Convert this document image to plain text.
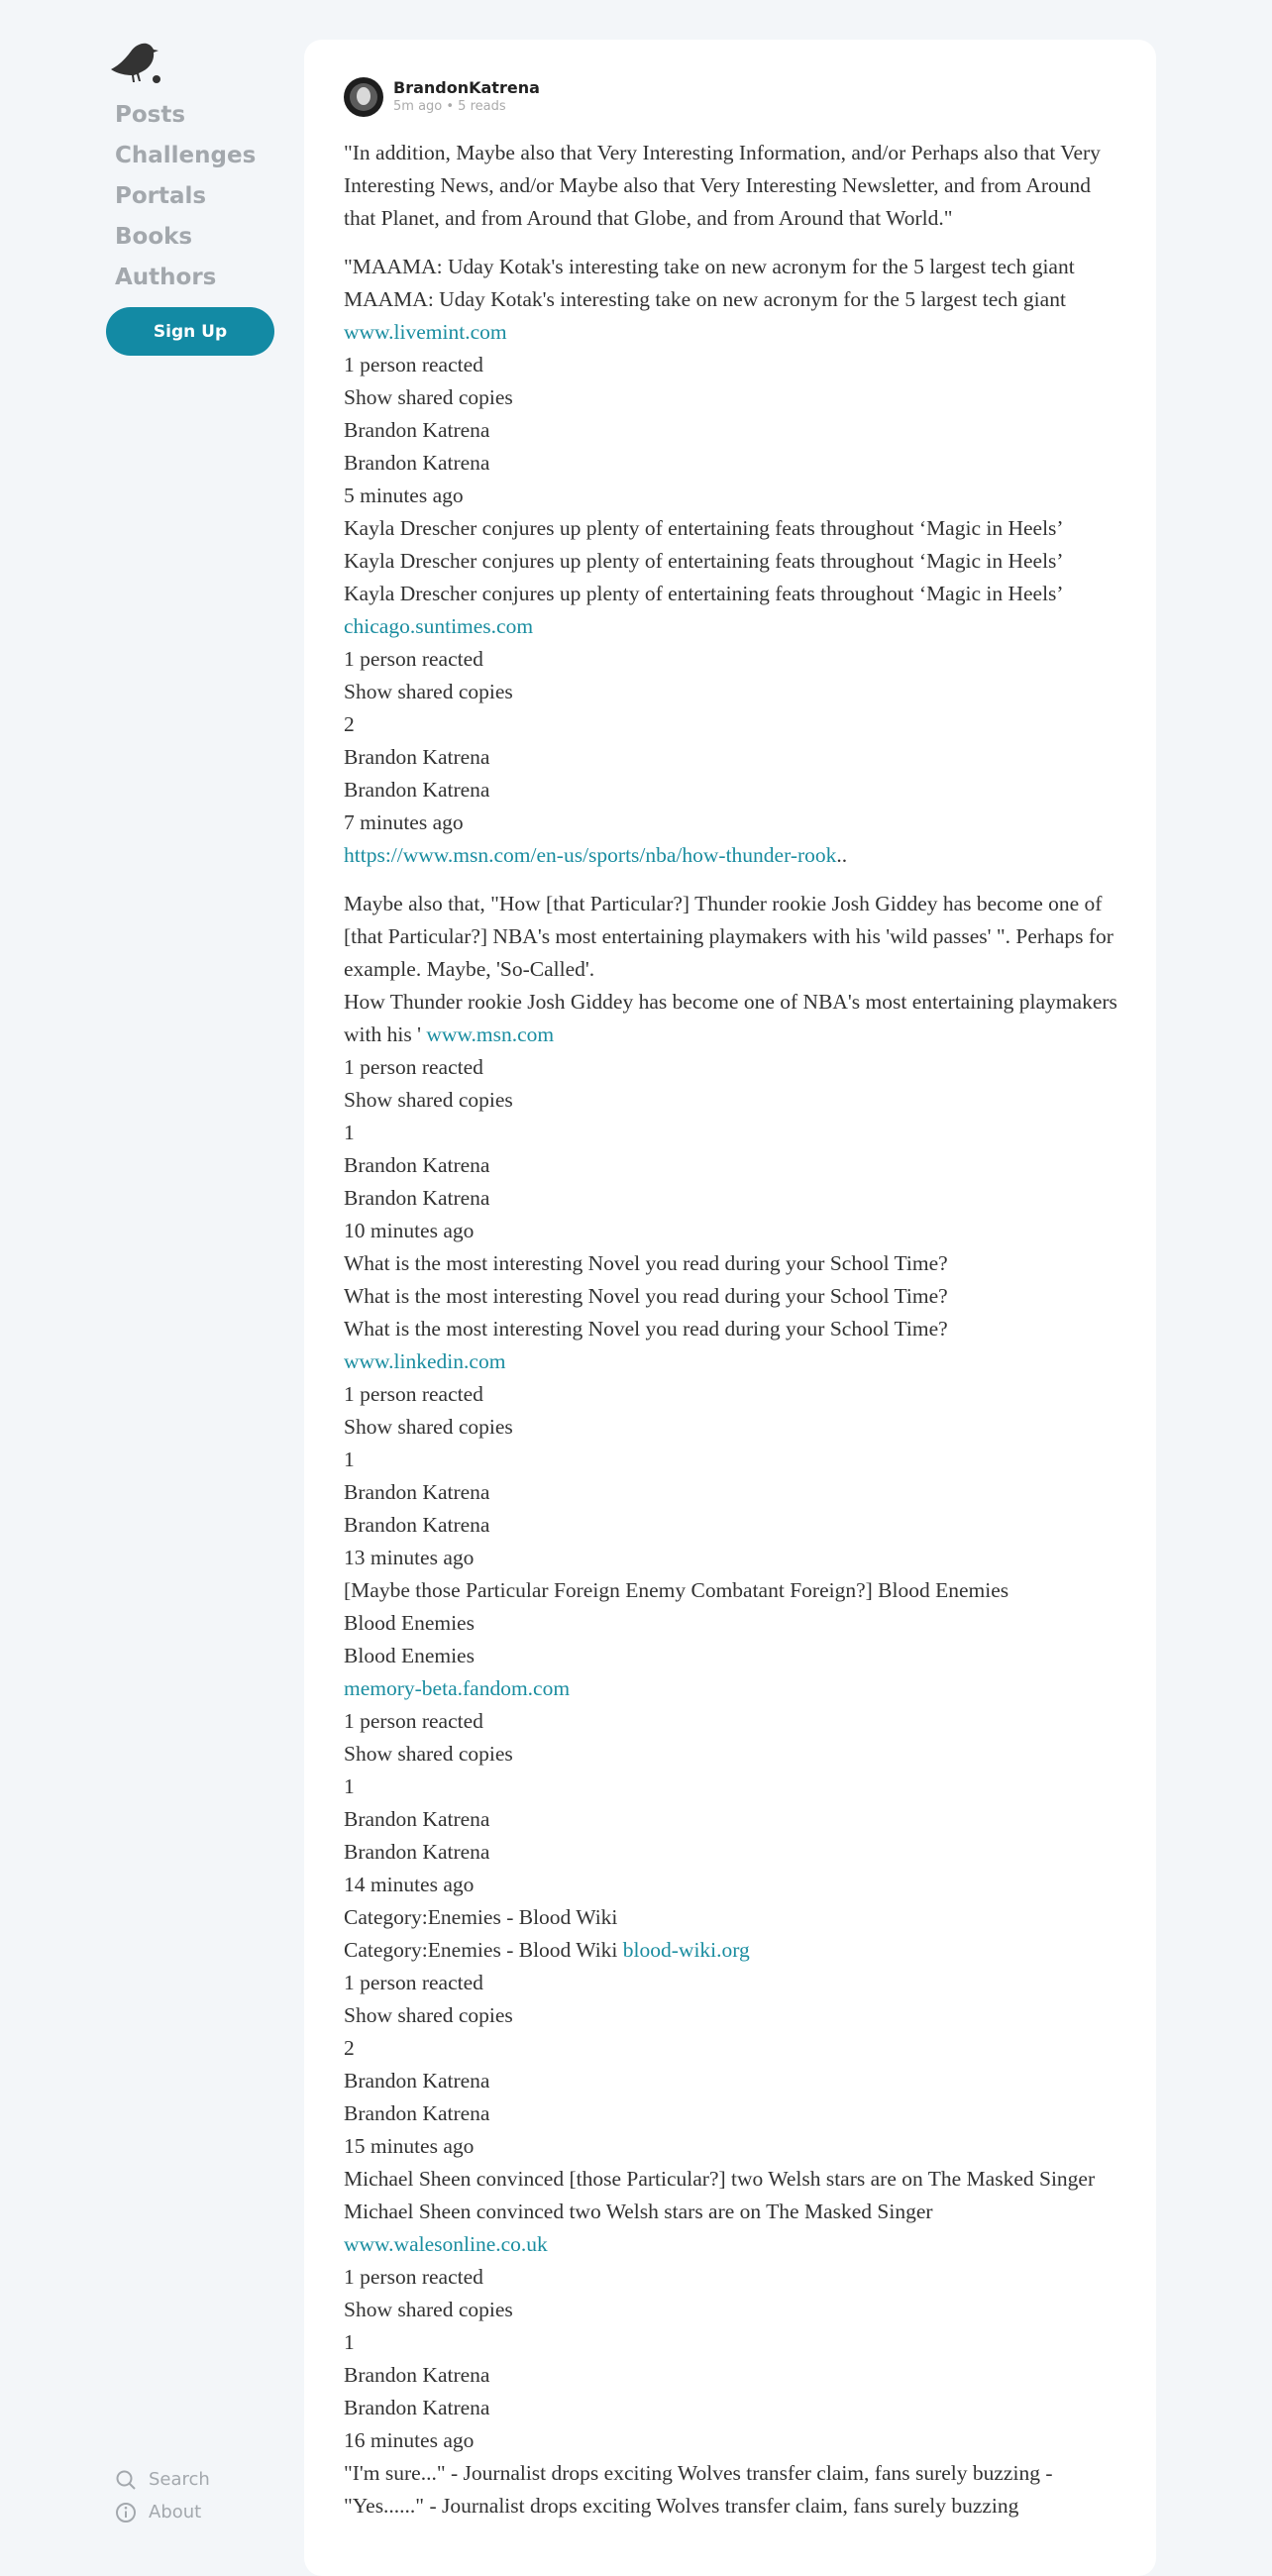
Posts
Challenges
Portals
Books
Authors
Sign Up
Search
About
BrandonKatrena
5m ago • 5 reads

"In addition, Maybe also that Very Interesting Information, and/or Perhaps also that Very Interesting News, and/or Maybe also that Very Interesting Newsletter, and from Around that Planet, and from Around that Globe, and from Around that World."

"MAAMA: Uday Kotak's interesting take on new acronym for the 5 largest tech giant
MAAMA: Uday Kotak's interesting take on new acronym for the 5 largest tech giant
www.livemint.com
1 person reacted
Show shared copies
Brandon Katrena
Brandon Katrena
5 minutes ago
Kayla Drescher conjures up plenty of entertaining feats throughout ‘Magic in Heels’
Kayla Drescher conjures up plenty of entertaining feats throughout ‘Magic in Heels’
Kayla Drescher conjures up plenty of entertaining feats throughout ‘Magic in Heels’
chicago.suntimes.com
1 person reacted
Show shared copies
2
Brandon Katrena
Brandon Katrena
7 minutes ago
https://www.msn.com/en-us/sports/nba/how-thunder-rook..
Maybe also that, "How [that Particular?] Thunder rookie Josh Giddey has become one of [that Particular?] NBA's most entertaining playmakers with his 'wild passes' ". Perhaps for example. Maybe, 'So-Called'.
How Thunder rookie Josh Giddey has become one of NBA's most entertaining playmakers with his ' www.msn.com
1 person reacted
Show shared copies
1
Brandon Katrena
Brandon Katrena
10 minutes ago
What is the most interesting Novel you read during your School Time?
What is the most interesting Novel you read during your School Time?
What is the most interesting Novel you read during your School Time?
www.linkedin.com
1 person reacted
Show shared copies
1
Brandon Katrena
Brandon Katrena
13 minutes ago
[Maybe those Particular Foreign Enemy Combatant Foreign?] Blood Enemies
Blood Enemies
Blood Enemies
memory-beta.fandom.com
1 person reacted
Show shared copies
1
Brandon Katrena
Brandon Katrena
14 minutes ago
Category:Enemies - Blood Wiki
Category:Enemies - Blood Wiki blood-wiki.org
1 person reacted
Show shared copies
2
Brandon Katrena
Brandon Katrena
15 minutes ago
Michael Sheen convinced [those Particular?] two Welsh stars are on The Masked Singer
Michael Sheen convinced two Welsh stars are on The Masked Singer
www.walesonline.co.uk
1 person reacted
Show shared copies
1
Brandon Katrena
Brandon Katrena
16 minutes ago
"I'm sure..." - Journalist drops exciting Wolves transfer claim, fans surely buzzing - "Yes......" - Journalist drops exciting Wolves transfer claim, fans surely buzzing
